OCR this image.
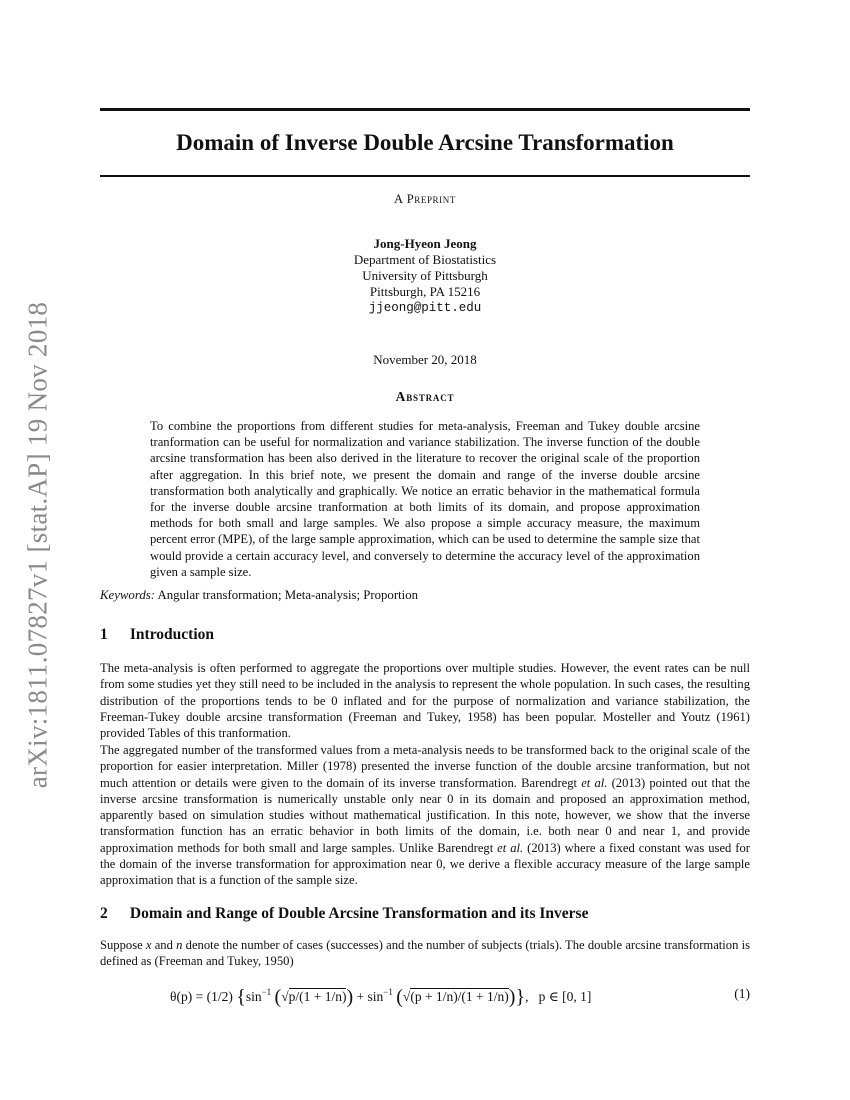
arXiv:1811.07827v1 [stat.AP] 19 Nov 2018
Domain of Inverse Double Arcsine Transformation
A Preprint
Jong-Hyeon Jeong
Department of Biostatistics
University of Pittsburgh
Pittsburgh, PA 15216
jjeong@pitt.edu
November 20, 2018
Abstract
To combine the proportions from different studies for meta-analysis, Freeman and Tukey double arcsine tranformation can be useful for normalization and variance stabilization. The inverse function of the double arcsine transformation has been also derived in the literature to recover the original scale of the proportion after aggregation. In this brief note, we present the domain and range of the inverse double arcsine transformation both analytically and graphically. We notice an erratic behavior in the mathematical formula for the inverse double arcsine tranformation at both limits of its domain, and propose approximation methods for both small and large samples. We also propose a simple accuracy measure, the maximum percent error (MPE), of the large sample approximation, which can be used to determine the sample size that would provide a certain accuracy level, and conversely to determine the accuracy level of the approximation given a sample size.
Keywords: Angular transformation; Meta-analysis; Proportion
1 Introduction
The meta-analysis is often performed to aggregate the proportions over multiple studies. However, the event rates can be null from some studies yet they still need to be included in the analysis to represent the whole population. In such cases, the resulting distribution of the proportions tends to be 0 inflated and for the purpose of normalization and variance stabilization, the Freeman-Tukey double arcsine transformation (Freeman and Tukey, 1958) has been popular. Mosteller and Youtz (1961) provided Tables of this tranformation.
The aggregated number of the transformed values from a meta-analysis needs to be transformed back to the original scale of the proportion for easier interpretation. Miller (1978) presented the inverse function of the double arcsine tranformation, but not much attention or details were given to the domain of its inverse transformation. Barendregt et al. (2013) pointed out that the inverse arcsine transformation is numerically unstable only near 0 in its domain and proposed an approximation method, apparently based on simulation studies without mathematical justification. In this note, however, we show that the inverse transformation function has an erratic behavior in both limits of the domain, i.e. both near 0 and near 1, and provide approximation methods for both small and large samples. Unlike Barendregt et al. (2013) where a fixed constant was used for the domain of the inverse transformation for approximation near 0, we derive a flexible accuracy measure of the large sample approximation that is a function of the sample size.
2 Domain and Range of Double Arcsine Transformation and its Inverse
Suppose x and n denote the number of cases (successes) and the number of subjects (trials). The double arcsine transformation is defined as (Freeman and Tukey, 1950)
θ(p) = (1/2) {$\sin^{-1}$ $(√p/(1 + 1/n)) + \sin^{-1} (√(p + 1/n)/(1 + 1/n))$},   p ∈ [0, 1]	(1)
